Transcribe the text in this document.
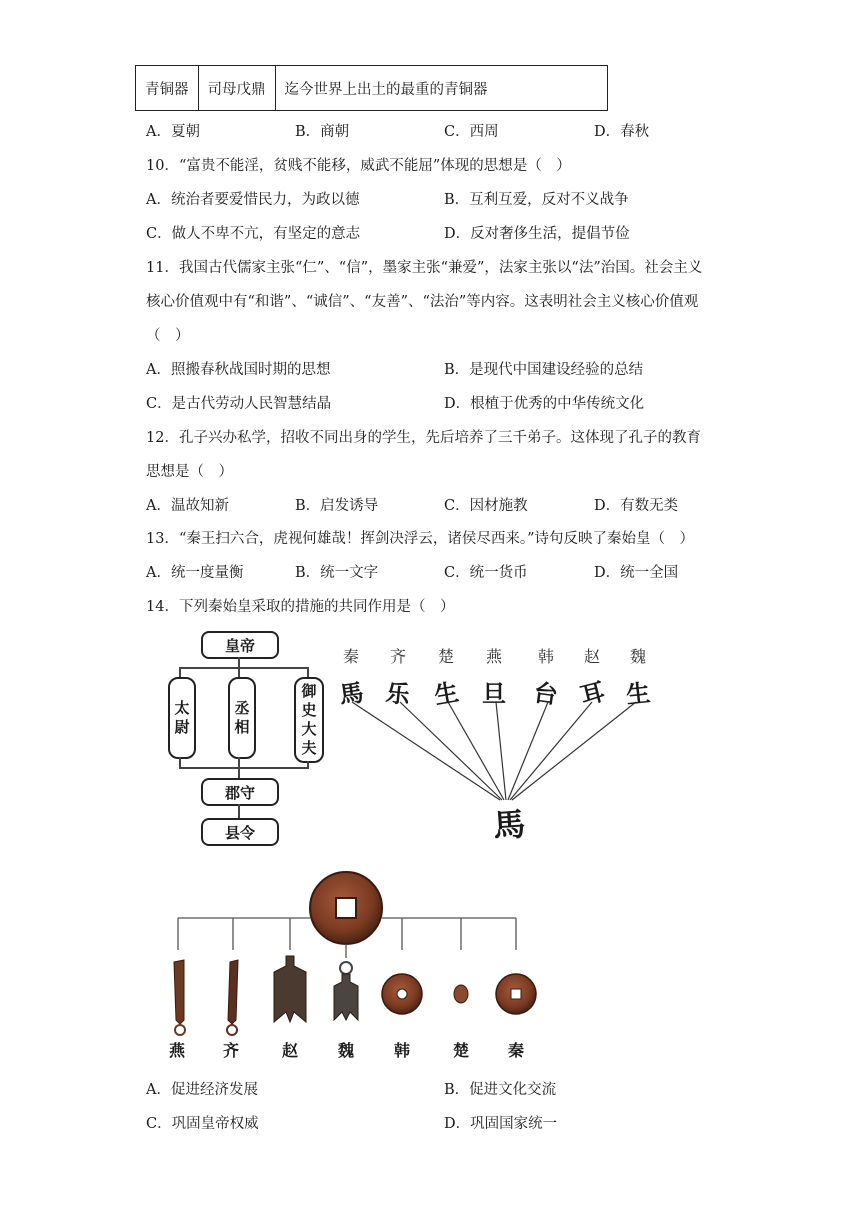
青铜器	司母戊鼎	迄今世界上出土的最重的青铜器
A．夏朝	B．商朝	C．西周	D．春秋
10．“富贵不能淫，贫贱不能移，威武不能屈”体现的思想是（　）
A．统治者要爱惜民力，为政以德	B．互利互爱，反对不义战争
C．做人不卑不亢，有坚定的意志	D．反对奢侈生活，提倡节俭
11．我国古代儒家主张“仁”、“信”，墨家主张“兼爱”，法家主张以“法”治国。社会主义
核心价值观中有“和谐”、“诚信”、“友善”、“法治”等内容。这表明社会主义核心价值观
（　）
A．照搬春秋战国时期的思想	B．是现代中国建设经验的总结
C．是古代劳动人民智慧结晶	D．根植于优秀的中华传统文化
12．孔子兴办私学，招收不同出身的学生，先后培养了三千弟子。这体现了孔子的教育
思想是（　）
A．温故知新	B．启发诱导	C．因材施教	D．有数无类
13．“秦王扫六合，虎视何雄哉！挥剑决浮云，诸侯尽西来。”诗句反映了秦始皇（　）
A．统一度量衡	B．统一文字	C．统一货币	D．统一全国
14．下列秦始皇采取的措施的共同作用是（　）
皇帝
太
尉
丞
相
御
史
大
夫
郡守
县令
秦 齐 楚 燕 韩 赵 魏
馬 乐 生 旦 台 耳 生
馬
燕 齐	赵 魏 韩	楚 秦
A．促进经济发展	B．促进文化交流
C．巩固皇帝权威	D．巩固国家统一
